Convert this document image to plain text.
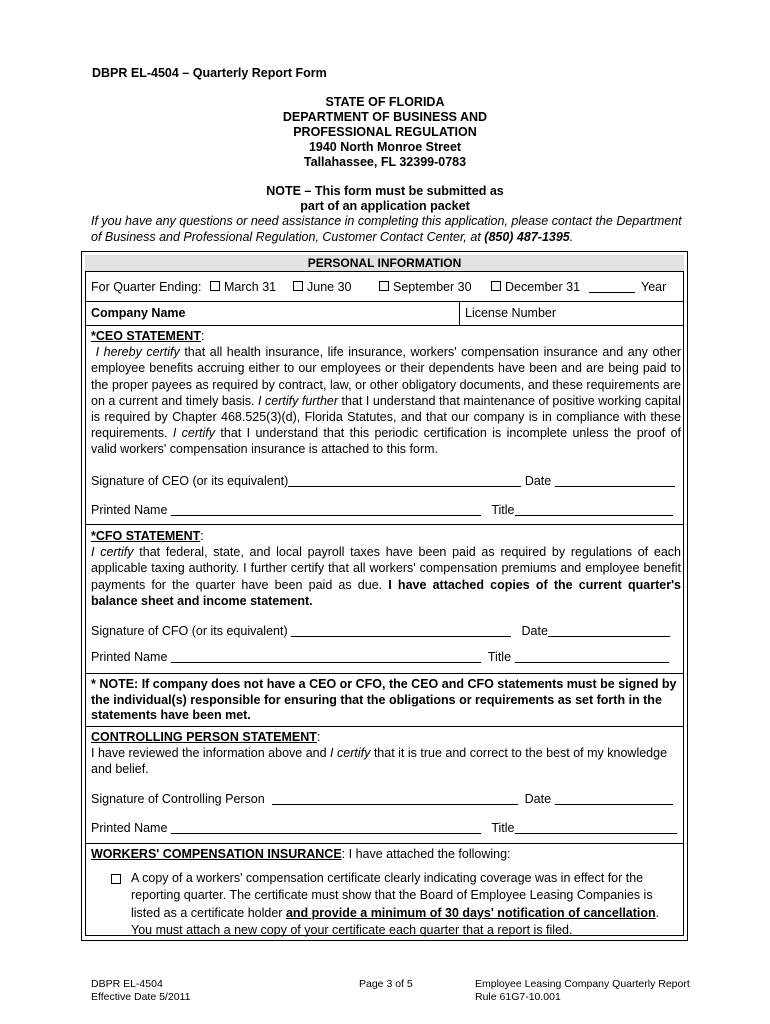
DBPR EL-4504 – Quarterly Report Form
STATE OF FLORIDA
DEPARTMENT OF BUSINESS AND
PROFESSIONAL REGULATION
1940 North Monroe Street
Tallahassee, FL 32399-0783
NOTE – This form must be submitted as
part of an application packet
If you have any questions or need assistance in completing this application, please contact the Department of Business and Professional Regulation, Customer Contact Center, at (850) 487-1395.
PERSONAL INFORMATION
For Quarter Ending:	March 31	June 30	September 30	December 31	Year
Company Name	License Number
*CEO STATEMENT:
I hereby certify that all health insurance, life insurance, workers' compensation insurance and any other employee benefits accruing either to our employees or their dependents have been and are being paid to the proper payees as required by contract, law, or other obligatory documents, and these requirements are on a current and timely basis. I certify further that I understand that maintenance of positive working capital is required by Chapter 468.525(3)(d), Florida Statutes, and that our company is in compliance with these requirements. I certify that I understand that this periodic certification is incomplete unless the proof of valid workers' compensation insurance is attached to this form.
Signature of CEO (or its equivalent)	Date
Printed Name	Title
*CFO STATEMENT:
I certify that federal, state, and local payroll taxes have been paid as required by regulations of each applicable taxing authority. I further certify that all workers' compensation premiums and employee benefit payments for the quarter have been paid as due. I have attached copies of the current quarter's balance sheet and income statement.
Signature of CFO (or its equivalent)	Date
Printed Name	Title
* NOTE: If company does not have a CEO or CFO, the CEO and CFO statements must be signed by the individual(s) responsible for ensuring that the obligations or requirements as set forth in the statements have been met.
CONTROLLING PERSON STATEMENT:
I have reviewed the information above and I certify that it is true and correct to the best of my knowledge and belief.
Signature of Controlling Person	Date
Printed Name	Title
WORKERS' COMPENSATION INSURANCE: I have attached the following:
A copy of a workers' compensation certificate clearly indicating coverage was in effect for the reporting quarter. The certificate must show that the Board of Employee Leasing Companies is listed as a certificate holder and provide a minimum of 30 days' notification of cancellation. You must attach a new copy of your certificate each quarter that a report is filed.
DBPR EL-4504
Effective Date 5/2011
Page 3 of 5	Employee Leasing Company Quarterly Report
Rule 61G7-10.001
